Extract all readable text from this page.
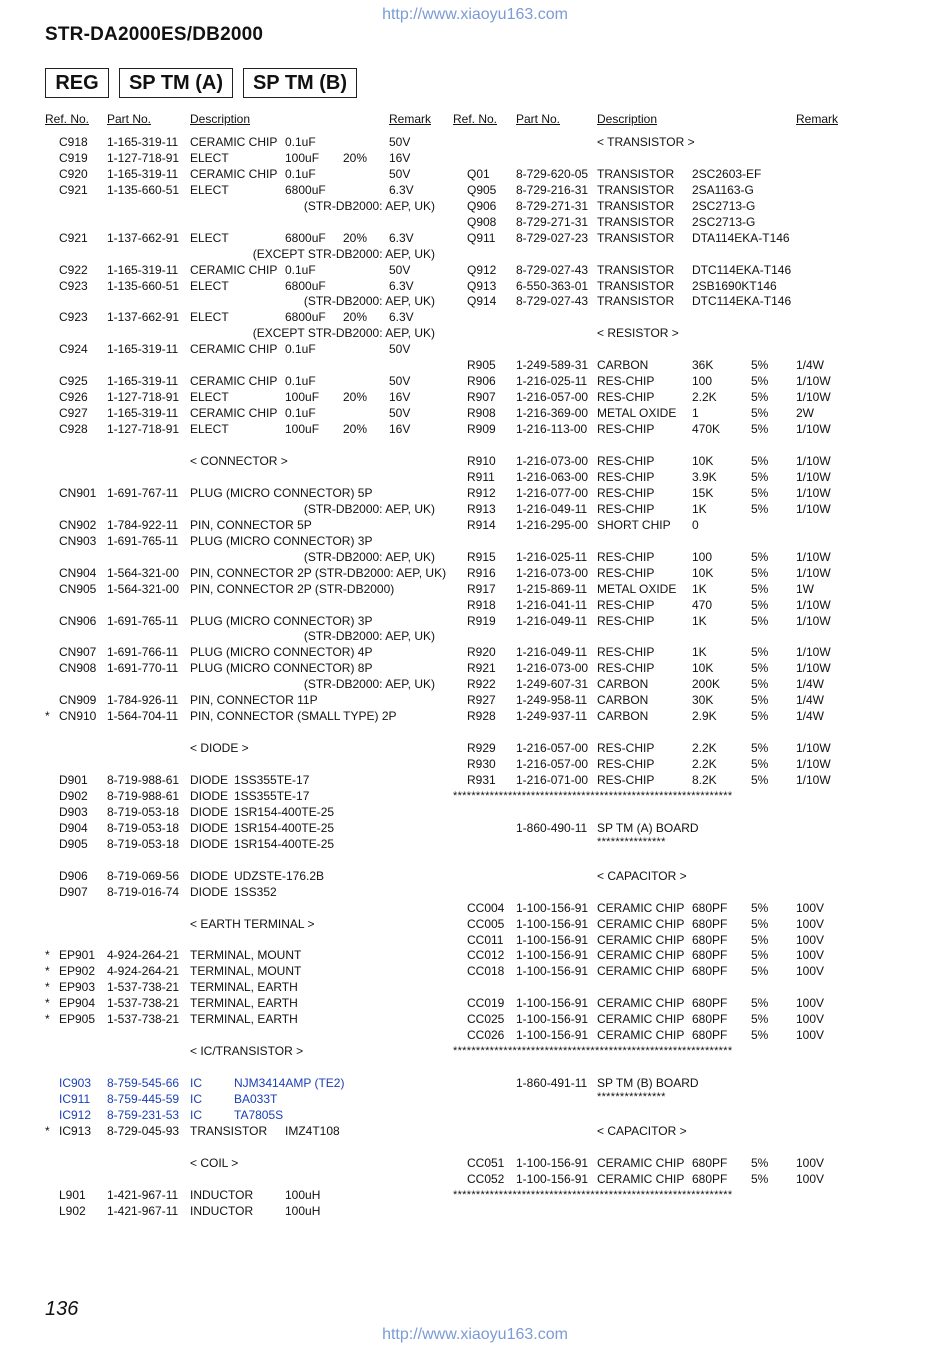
http://www.xiaoyu163.com
STR-DA2000ES/DB2000
REG	SP TM (A)	SP TM (B)
Ref. No. Part No.	Description	Remark Ref. No. Part No.	Description	Remark
C918 1-165-319-11 CERAMIC CHIP 0.1uF	50V
C919 1-127-718-91 ELECT	100uF 20% 16V
C920 1-165-319-11 CERAMIC CHIP 0.1uF	50V
C921 1-135-660-51 ELECT	6800uF	6.3V
(STR-DB2000: AEP, UK)
C921 1-137-662-91 ELECT	6800uF 20% 6.3V
(EXCEPT STR-DB2000: AEP, UK)
C922 1-165-319-11 CERAMIC CHIP 0.1uF	50V
C923 1-135-660-51 ELECT	6800uF	6.3V
(STR-DB2000: AEP, UK)
C923 1-137-662-91 ELECT	6800uF 20% 6.3V
(EXCEPT STR-DB2000: AEP, UK)
C924 1-165-319-11 CERAMIC CHIP 0.1uF	50V
C925 1-165-319-11 CERAMIC CHIP 0.1uF	50V
C926 1-127-718-91 ELECT	100uF 20% 16V
C927 1-165-319-11 CERAMIC CHIP 0.1uF	50V
C928 1-127-718-91 ELECT	100uF 20% 16V
< CONNECTOR >
CN901 1-691-767-11 PLUG (MICRO CONNECTOR) 5P
(STR-DB2000: AEP, UK)
CN902 1-784-922-11 PIN, CONNECTOR 5P
CN903 1-691-765-11 PLUG (MICRO CONNECTOR) 3P
(STR-DB2000: AEP, UK)
CN904 1-564-321-00 PIN, CONNECTOR 2P (STR-DB2000: AEP, UK)
CN905 1-564-321-00 PIN, CONNECTOR 2P (STR-DB2000)
CN906 1-691-765-11 PLUG (MICRO CONNECTOR) 3P
(STR-DB2000: AEP, UK)
CN907 1-691-766-11 PLUG (MICRO CONNECTOR) 4P
CN908 1-691-770-11 PLUG (MICRO CONNECTOR) 8P
(STR-DB2000: AEP, UK)
CN909 1-784-926-11 PIN, CONNECTOR 11P
* CN910 1-564-704-11 PIN, CONNECTOR (SMALL TYPE) 2P
< DIODE >
D901 8-719-988-61 DIODE 1SS355TE-17
D902 8-719-988-61 DIODE 1SS355TE-17
D903 8-719-053-18 DIODE 1SR154-400TE-25
D904 8-719-053-18 DIODE 1SR154-400TE-25
D905 8-719-053-18 DIODE 1SR154-400TE-25
D906 8-719-069-56 DIODE UDZSTE-176.2B
D907 8-719-016-74 DIODE 1SS352
< EARTH TERMINAL >
* EP901 4-924-264-21 TERMINAL, MOUNT
* EP902 4-924-264-21 TERMINAL, MOUNT
* EP903 1-537-738-21 TERMINAL, EARTH
* EP904 1-537-738-21 TERMINAL, EARTH
* EP905 1-537-738-21 TERMINAL, EARTH
< IC/TRANSISTOR >
IC903 8-759-545-66 IC	NJM3414AMP (TE2)
IC911 8-759-445-59 IC	BA033T
IC912 8-759-231-53 IC	TA7805S
* IC913 8-729-045-93 TRANSISTOR IMZ4T108
< COIL >
L901 1-421-967-11 INDUCTOR	100uH
L902 1-421-967-11 INDUCTOR	100uH
< TRANSISTOR >
Q01 8-729-620-05 TRANSISTOR 2SC2603-EF
Q905 8-729-216-31 TRANSISTOR 2SA1163-G
Q906 8-729-271-31 TRANSISTOR 2SC2713-G
Q908 8-729-271-31 TRANSISTOR 2SC2713-G
Q911 8-729-027-23 TRANSISTOR DTA114EKA-T146
Q912 8-729-027-43 TRANSISTOR DTC114EKA-T146
Q913 6-550-363-01 TRANSISTOR 2SB1690KT146
Q914 8-729-027-43 TRANSISTOR DTC114EKA-T146
< RESISTOR >
R905 1-249-589-31 CARBON	36K	5% 1/4W
R906 1-216-025-11 RES-CHIP	100	5% 1/10W
R907 1-216-057-00 RES-CHIP	2.2K	5% 1/10W
R908 1-216-369-00 METAL OXIDE 1	5% 2W
R909 1-216-113-00 RES-CHIP	470K	5% 1/10W
R910 1-216-073-00 RES-CHIP	10K	5% 1/10W
R911 1-216-063-00 RES-CHIP	3.9K	5% 1/10W
R912 1-216-077-00 RES-CHIP	15K	5% 1/10W
R913 1-216-049-11 RES-CHIP	1K	5% 1/10W
R914 1-216-295-00 SHORT CHIP 0
R915 1-216-025-11 RES-CHIP	100	5% 1/10W
R916 1-216-073-00 RES-CHIP	10K	5% 1/10W
R917 1-215-869-11 METAL OXIDE 1K	5% 1W
R918 1-216-041-11 RES-CHIP	470	5% 1/10W
R919 1-216-049-11 RES-CHIP	1K	5% 1/10W
R920 1-216-049-11 RES-CHIP	1K	5% 1/10W
R921 1-216-073-00 RES-CHIP	10K	5% 1/10W
R922 1-249-607-31 CARBON	200K	5% 1/4W
R927 1-249-958-11 CARBON	30K	5% 1/4W
R928 1-249-937-11 CARBON	2.9K	5% 1/4W
R929 1-216-057-00 RES-CHIP	2.2K	5% 1/10W
R930 1-216-057-00 RES-CHIP	2.2K	5% 1/10W
R931 1-216-071-00 RES-CHIP	8.2K	5% 1/10W
*************************************************************
1-860-490-11 SP TM (A) BOARD
***************
< CAPACITOR >
CC004 1-100-156-91 CERAMIC CHIP 680PF 5% 100V
CC005 1-100-156-91 CERAMIC CHIP 680PF 5% 100V
CC011 1-100-156-91 CERAMIC CHIP 680PF 5% 100V
CC012 1-100-156-91 CERAMIC CHIP 680PF 5% 100V
CC018 1-100-156-91 CERAMIC CHIP 680PF 5% 100V
CC019 1-100-156-91 CERAMIC CHIP 680PF 5% 100V
CC025 1-100-156-91 CERAMIC CHIP 680PF 5% 100V
CC026 1-100-156-91 CERAMIC CHIP 680PF 5% 100V
*************************************************************
1-860-491-11 SP TM (B) BOARD
***************
< CAPACITOR >
CC051 1-100-156-91 CERAMIC CHIP 680PF 5% 100V
CC052 1-100-156-91 CERAMIC CHIP 680PF 5% 100V
*************************************************************
136
http://www.xiaoyu163.com
